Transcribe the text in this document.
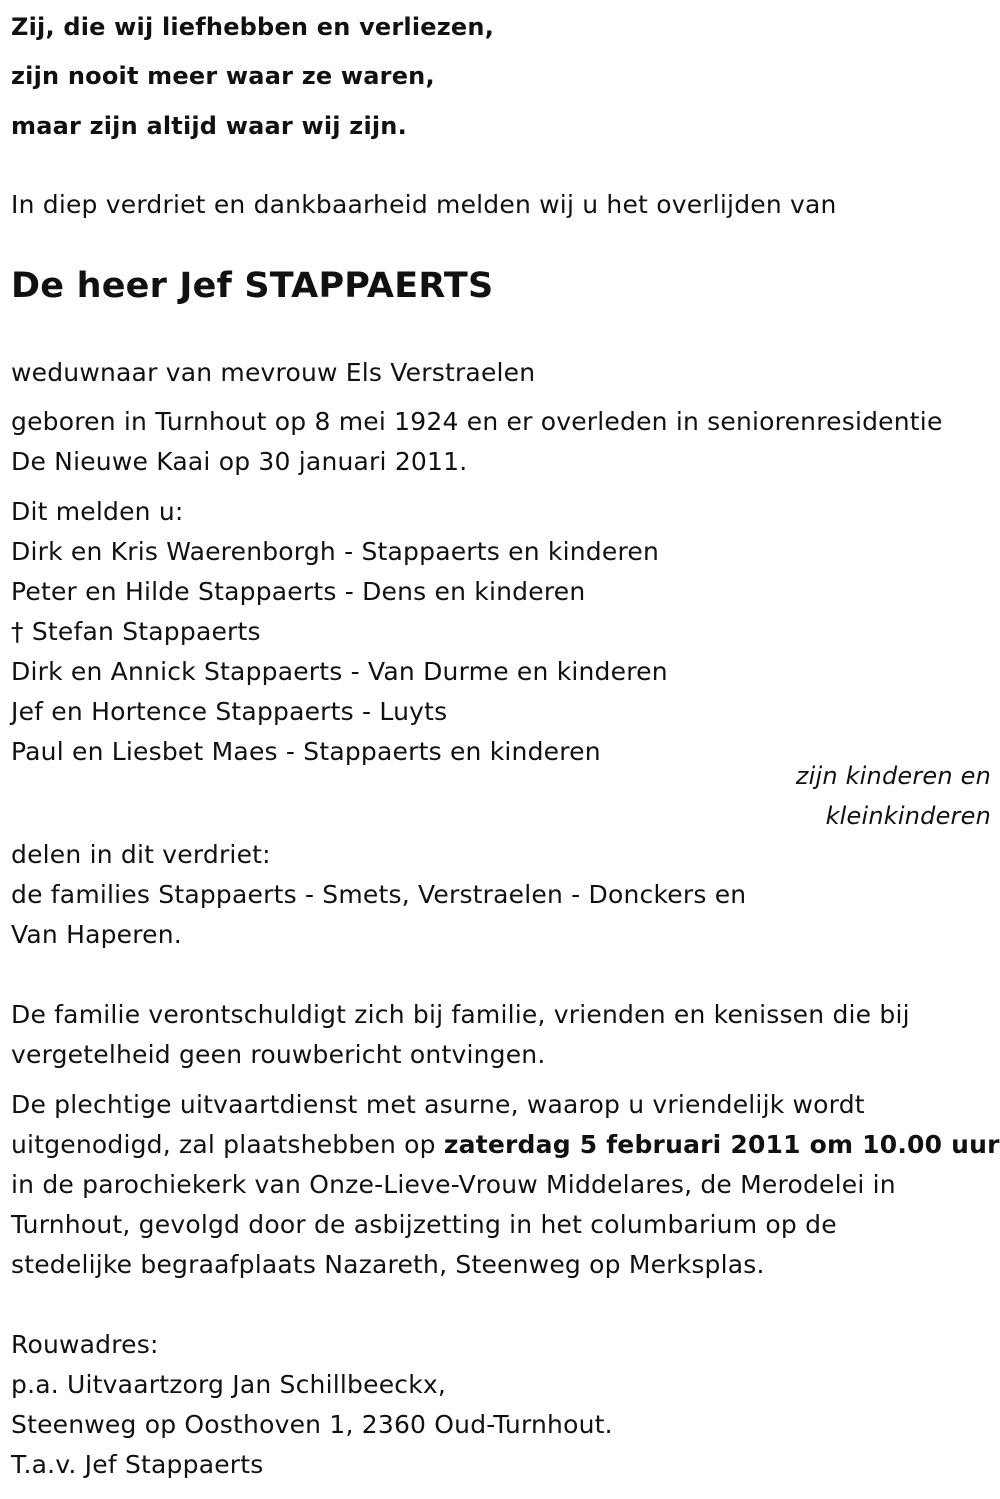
Zij, die wij liefhebben en verliezen,
zijn nooit meer waar ze waren,
maar zijn altijd waar wij zijn.
In diep verdriet en dankbaarheid melden wij u het overlijden van
De heer Jef STAPPAERTS
weduwnaar van mevrouw Els Verstraelen
geboren in Turnhout op 8 mei 1924 en er overleden in seniorenresidentie
De Nieuwe Kaai op 30 januari 2011.
Dit melden u:
Dirk en Kris Waerenborgh - Stappaerts en kinderen
Peter en Hilde Stappaerts - Dens en kinderen
† Stefan Stappaerts
Dirk en Annick Stappaerts - Van Durme en kinderen
Jef en Hortence Stappaerts - Luyts
Paul en Liesbet Maes - Stappaerts en kinderen
zijn kinderen en
kleinkinderen
delen in dit verdriet:
de families Stappaerts - Smets, Verstraelen - Donckers en
Van Haperen.
De familie verontschuldigt zich bij familie, vrienden en kenissen die bij
vergetelheid geen rouwbericht ontvingen.
De plechtige uitvaartdienst met asurne, waarop u vriendelijk wordt
uitgenodigd, zal plaatshebben op zaterdag 5 februari 2011 om 10.00 uur
in de parochiekerk van Onze-Lieve-Vrouw Middelares, de Merodelei in
Turnhout, gevolgd door de asbijzetting in het columbarium op de
stedelijke begraafplaats Nazareth, Steenweg op Merksplas.
Rouwadres:
p.a. Uitvaartzorg Jan Schillbeeckx,
Steenweg op Oosthoven 1, 2360 Oud-Turnhout.
T.a.v. Jef Stappaerts
